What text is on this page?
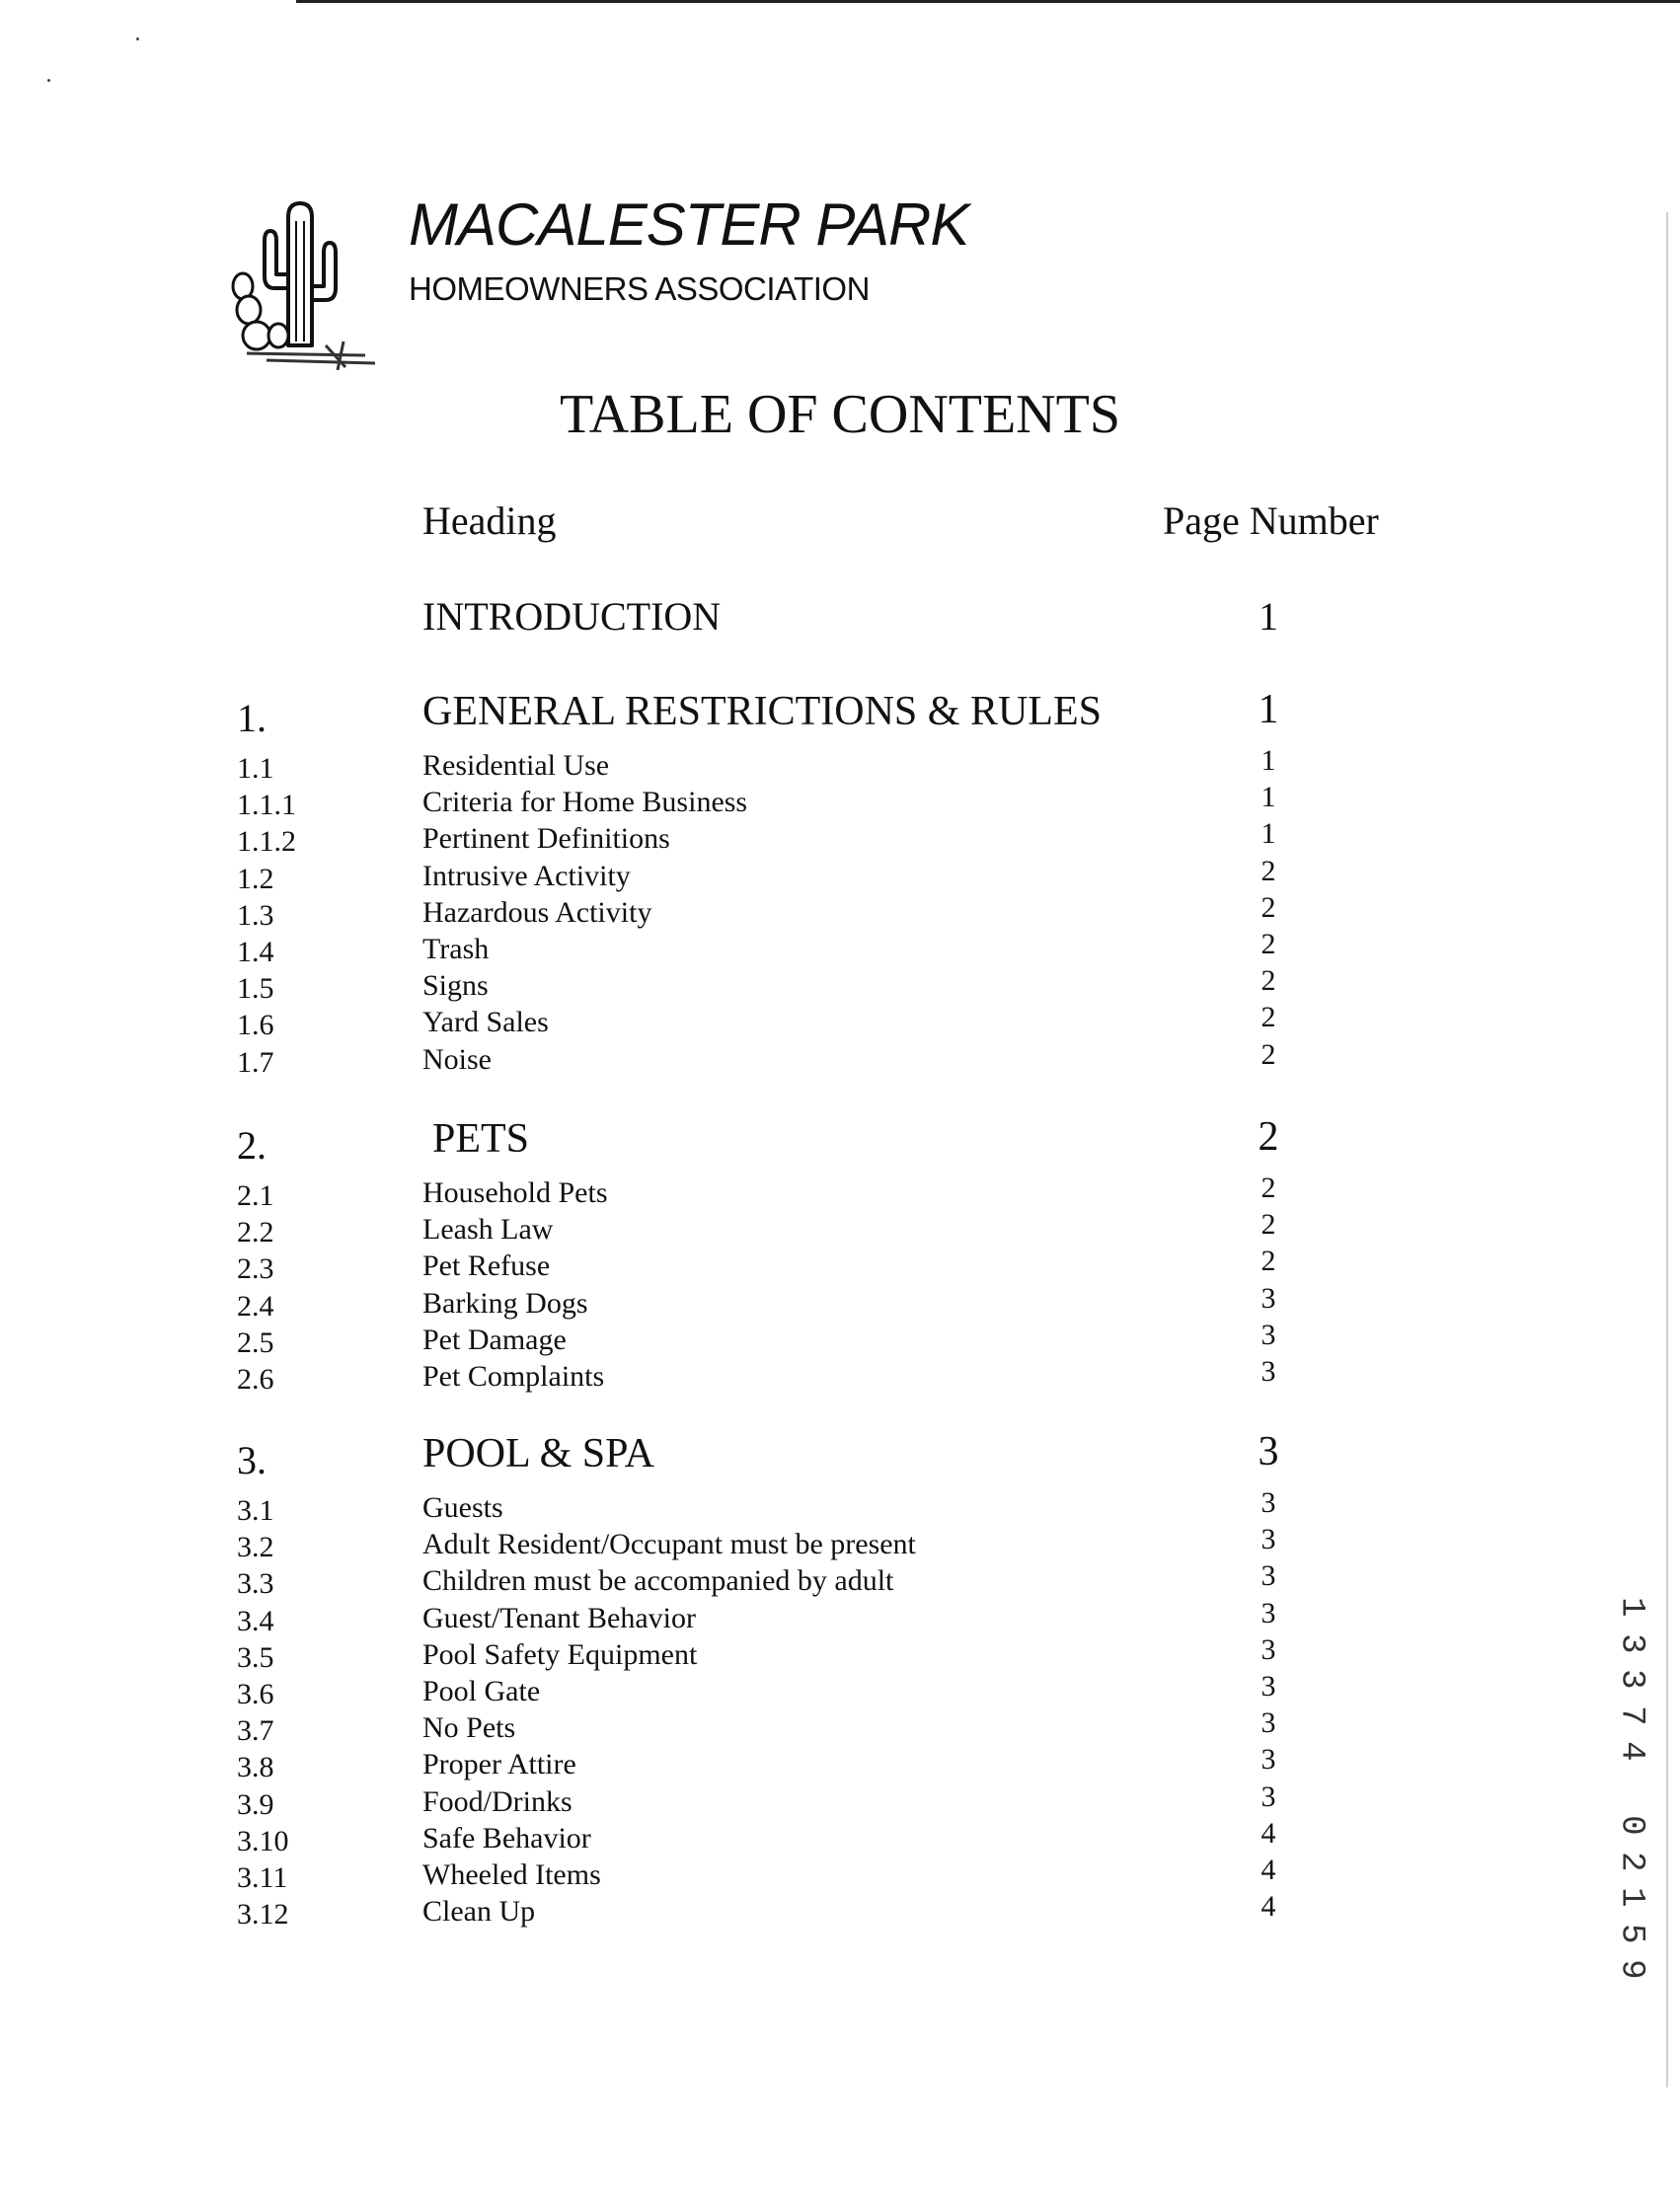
MACALESTER PARK
HOMEOWNERS ASSOCIATION
TABLE OF CONTENTS
Heading	Page Number
INTRODUCTION	1
1.	GENERAL RESTRICTIONS & RULES	1
1.1	Residential Use	1
1.1.1	Criteria for Home Business	1
1.1.2	Pertinent Definitions	1
1.2	Intrusive Activity	2
1.3	Hazardous Activity	2
1.4	Trash	2
1.5	Signs	2
1.6	Yard Sales	2
1.7	Noise	2
2.	PETS	2
2.1	Household Pets	2
2.2	Leash Law	2
2.3	Pet Refuse	2
2.4	Barking Dogs	3
2.5	Pet Damage	3
2.6	Pet Complaints	3
3.	POOL & SPA	3
3.1	Guests	3
3.2	Adult Resident/Occupant must be present	3
3.3	Children must be accompanied by adult	3
3.4	Guest/Tenant Behavior	3
3.5	Pool Safety Equipment	3
3.6	Pool Gate	3
3.7	No Pets	3
3.8	Proper Attire	3
3.9	Food/Drinks	3
3.10	Safe Behavior	4
3.11	Wheeled Items	4
3.12	Clean Up	4
1
3
3
7
4
0
2
1
5
9
